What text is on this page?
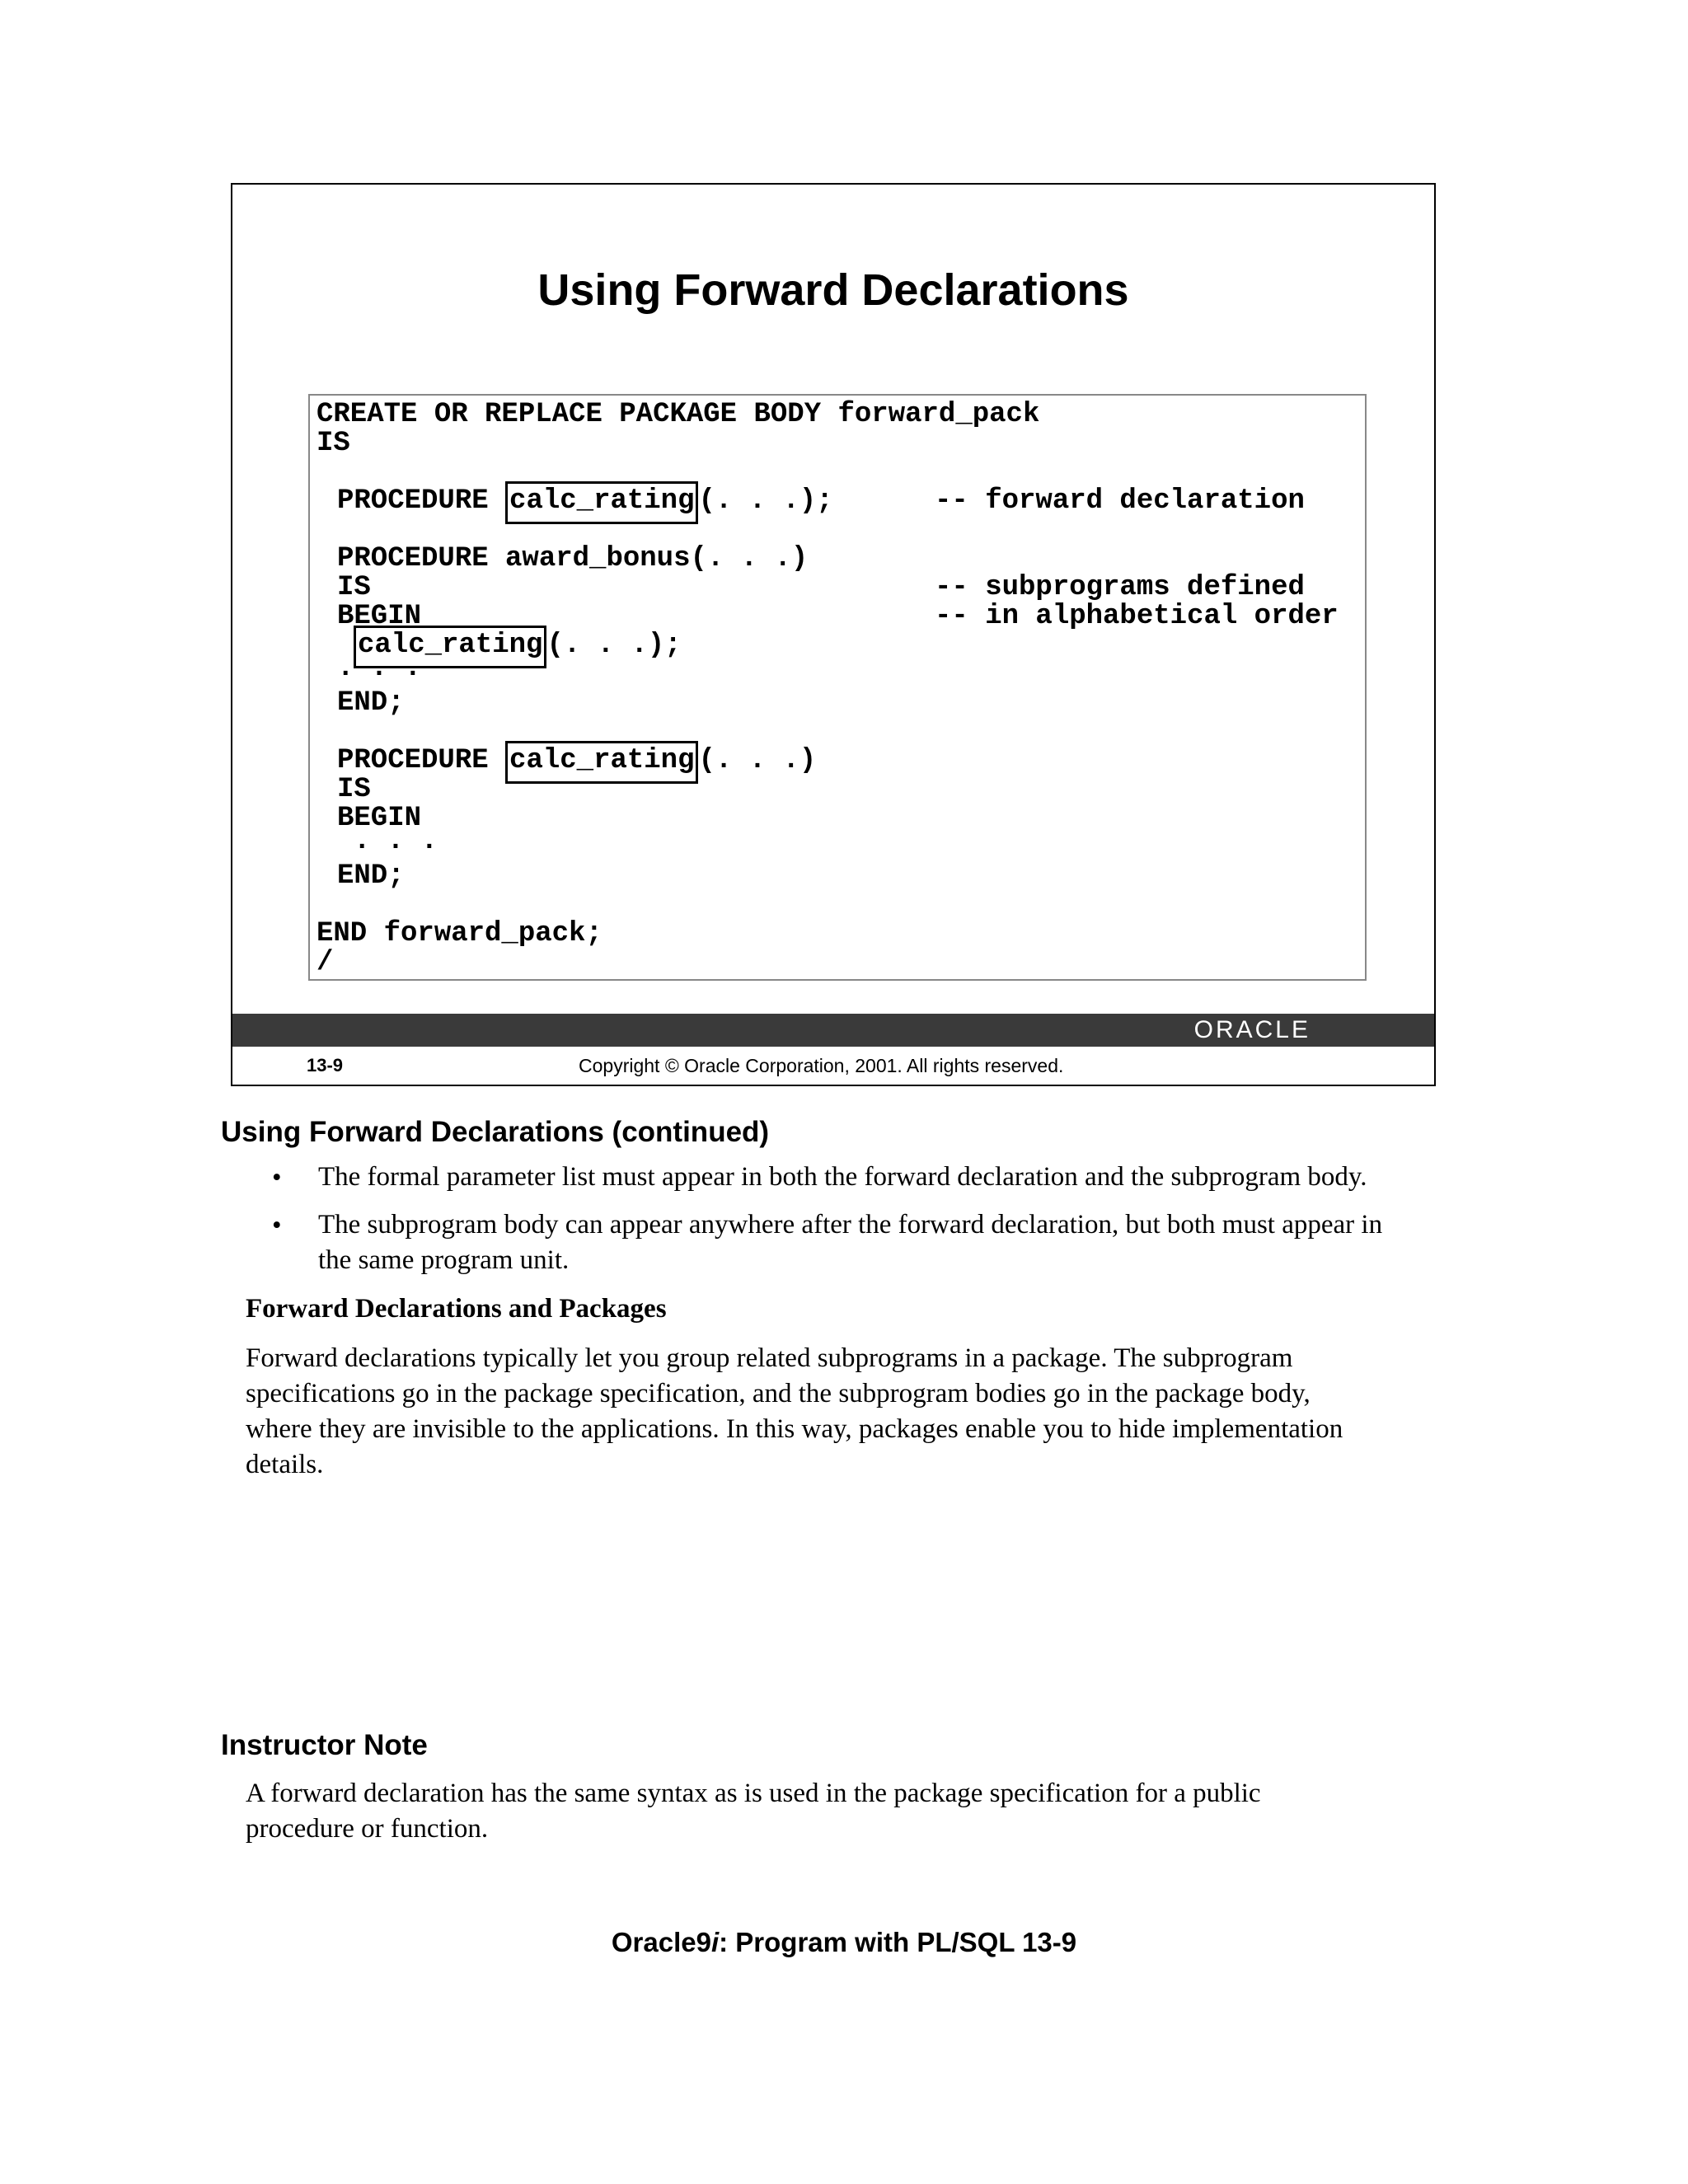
Using Forward Declarations
CREATE OR REPLACE PACKAGE BODY forward_pack
IS
PROCEDURE calc_rating (. . .);	-- forward declaration
PROCEDURE award_bonus(. . .)
IS	-- subprograms defined
BEGIN	-- in alphabetical order
calc_rating (. . .);
. . .
END;
PROCEDURE calc_rating (. . .)
IS
BEGIN
. . .
END;
END forward_pack;
/
ORACLE
13-9	Copyright © Oracle Corporation, 2001. All rights reserved.
Using Forward Declarations (continued)
• The formal parameter list must appear in both the forward declaration and the subprogram body.
• The subprogram body can appear anywhere after the forward declaration, but both must appear in
the same program unit.
Forward Declarations and Packages
Forward declarations typically let you group related subprograms in a package. The subprogram
specifications go in the package specification, and the subprogram bodies go in the package body,
where they are invisible to the applications. In this way, packages enable you to hide implementation
details.
Instructor Note
A forward declaration has the same syntax as is used in the package specification for a public
procedure or function.
Oracle9i: Program with PL/SQL 13-9
